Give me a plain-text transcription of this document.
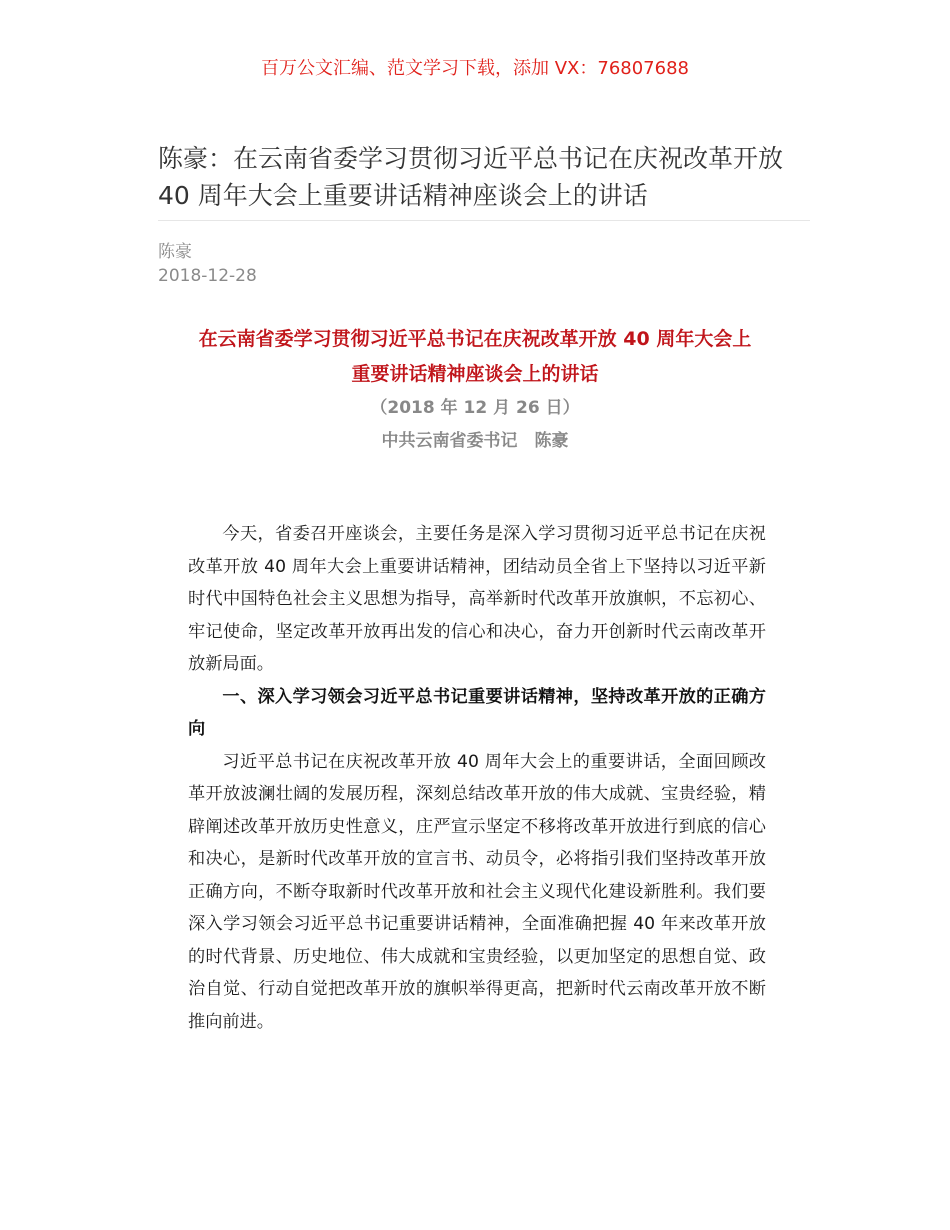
百万公文汇编、范文学习下载，添加 VX：76807688
陈豪：在云南省委学习贯彻习近平总书记在庆祝改革开放 40 周年大会上重要讲话精神座谈会上的讲话
陈豪
2018-12-28
在云南省委学习贯彻习近平总书记在庆祝改革开放 40 周年大会上
重要讲话精神座谈会上的讲话
（2018 年 12 月 26 日）
中共云南省委书记　陈豪

今天，省委召开座谈会，主要任务是深入学习贯彻习近平总书记在庆祝改革开放 40 周年大会上重要讲话精神，团结动员全省上下坚持以习近平新时代中国特色社会主义思想为指导，高举新时代改革开放旗帜，不忘初心、牢记使命，坚定改革开放再出发的信心和决心，奋力开创新时代云南改革开放新局面。

一、深入学习领会习近平总书记重要讲话精神，坚持改革开放的正确方向

习近平总书记在庆祝改革开放 40 周年大会上的重要讲话，全面回顾改革开放波澜壮阔的发展历程，深刻总结改革开放的伟大成就、宝贵经验，精辟阐述改革开放历史性意义，庄严宣示坚定不移将改革开放进行到底的信心和决心，是新时代改革开放的宣言书、动员令，必将指引我们坚持改革开放正确方向，不断夺取新时代改革开放和社会主义现代化建设新胜利。我们要深入学习领会习近平总书记重要讲话精神，全面准确把握 40 年来改革开放的时代背景、历史地位、伟大成就和宝贵经验，以更加坚定的思想自觉、政治自觉、行动自觉把改革开放的旗帜举得更高，把新时代云南改革开放不断推向前进。
